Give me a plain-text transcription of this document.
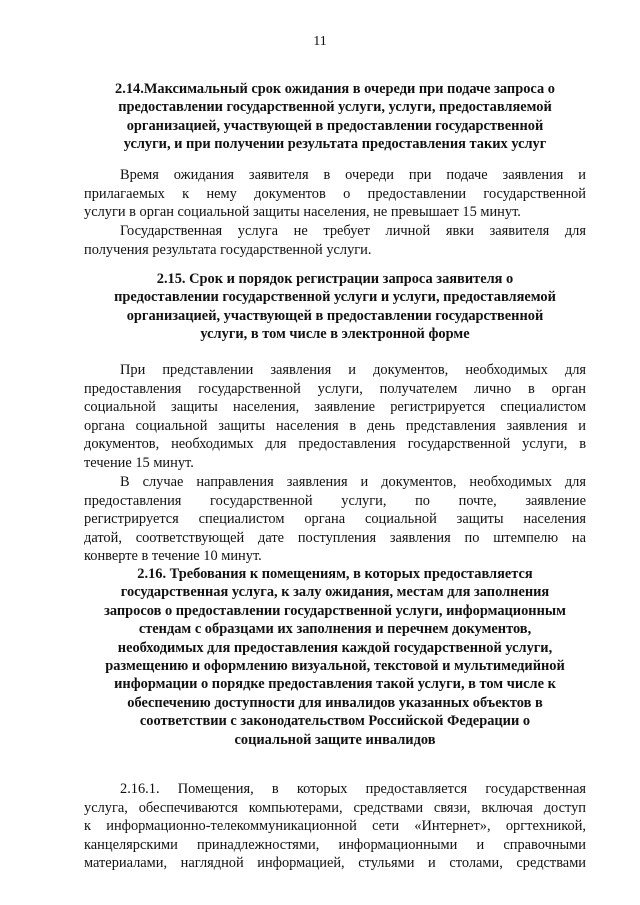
11
2.14.Максимальный срок ожидания в очереди при подаче запроса о
предоставлении государственной услуги, услуги, предоставляемой
организацией, участвующей в предоставлении государственной
услуги, и при получении результата предоставления таких услуг
Время ожидания заявителя в очереди при подаче заявления и
прилагаемых к нему документов о предоставлении государственной
услуги в орган социальной защиты населения, не превышает 15 минут.
Государственная услуга не требует личной явки заявителя для
получения результата государственной услуги.
2.15. Срок и порядок регистрации запроса заявителя о
предоставлении государственной услуги и услуги, предоставляемой
организацией, участвующей в предоставлении государственной
услуги, в том числе в электронной форме
При представлении заявления и документов, необходимых для
предоставления государственной услуги, получателем лично в орган
социальной защиты населения, заявление регистрируется специалистом
органа социальной защиты населения в день представления заявления и
документов, необходимых для предоставления государственной услуги, в
течение 15 минут.
В случае направления заявления и документов, необходимых для
предоставления государственной услуги, по почте, заявление
регистрируется специалистом органа социальной защиты населения
датой, соответствующей дате поступления заявления по штемпелю на
конверте в течение 10 минут.
2.16. Требования к помещениям, в которых предоставляется
государственная услуга, к залу ожидания, местам для заполнения
запросов о предоставлении государственной услуги, информационным
стендам с образцами их заполнения и перечнем документов,
необходимых для предоставления каждой государственной услуги,
размещению и оформлению визуальной, текстовой и мультимедийной
информации о порядке предоставления такой услуги, в том числе к
обеспечению доступности для инвалидов указанных объектов в
соответствии с законодательством Российской Федерации о
социальной защите инвалидов
2.16.1. Помещения, в которых предоставляется государственная
услуга, обеспечиваются компьютерами, средствами связи, включая доступ
к информационно-телекоммуникационной сети «Интернет», оргтехникой,
канцелярскими принадлежностями, информационными и справочными
материалами, наглядной информацией, стульями и столами, средствами
